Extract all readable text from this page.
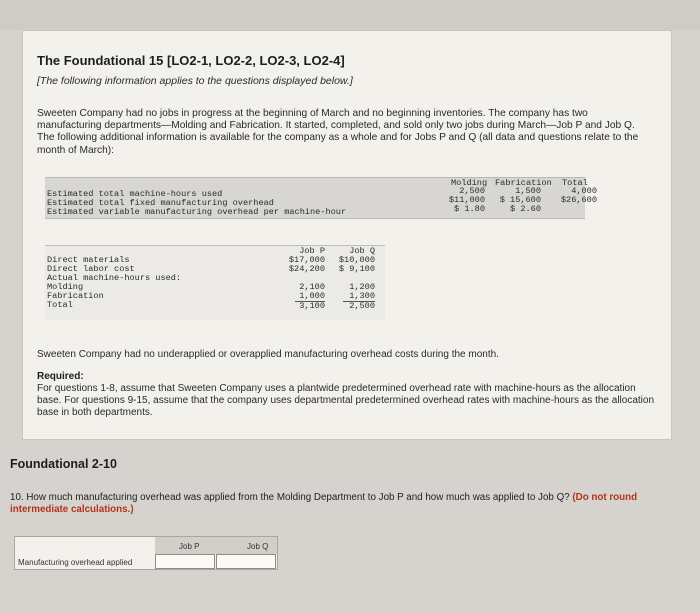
The Foundational 15 [LO2-1, LO2-2, LO2-3, LO2-4]
[The following information applies to the questions displayed below.]
Sweeten Company had no jobs in progress at the beginning of March and no beginning inventories. The company has two manufacturing departments—Molding and Fabrication. It started, completed, and sold only two jobs during March—Job P and Job Q. The following additional information is available for the company as a whole and for Jobs P and Q (all data and questions relate to the month of March):
Molding Fabrication Total
Estimated total machine-hours used	2,500	1,500	4,000
Estimated total fixed manufacturing overhead	$11,000	$ 15,600	$26,600
Estimated variable manufacturing overhead per machine-hour	$ 1.80	$ 2.60
Job P	Job Q
Direct materials	$17,000	$10,000
Direct labor cost	$24,200	$ 9,100
Actual machine-hours used:
Molding	2,100	1,200
Fabrication	1,000	1,300
Total	3,100	2,500
Sweeten Company had no underapplied or overapplied manufacturing overhead costs during the month.
Required:
For questions 1-8, assume that Sweeten Company uses a plantwide predetermined overhead rate with machine-hours as the allocation base. For questions 9-15, assume that the company uses departmental predetermined overhead rates with machine-hours as the allocation base in both departments.
Foundational 2-10
10. How much manufacturing overhead was applied from the Molding Department to Job P and how much was applied to Job Q? (Do not round intermediate calculations.)
Job P	Job Q
Manufacturing overhead applied
